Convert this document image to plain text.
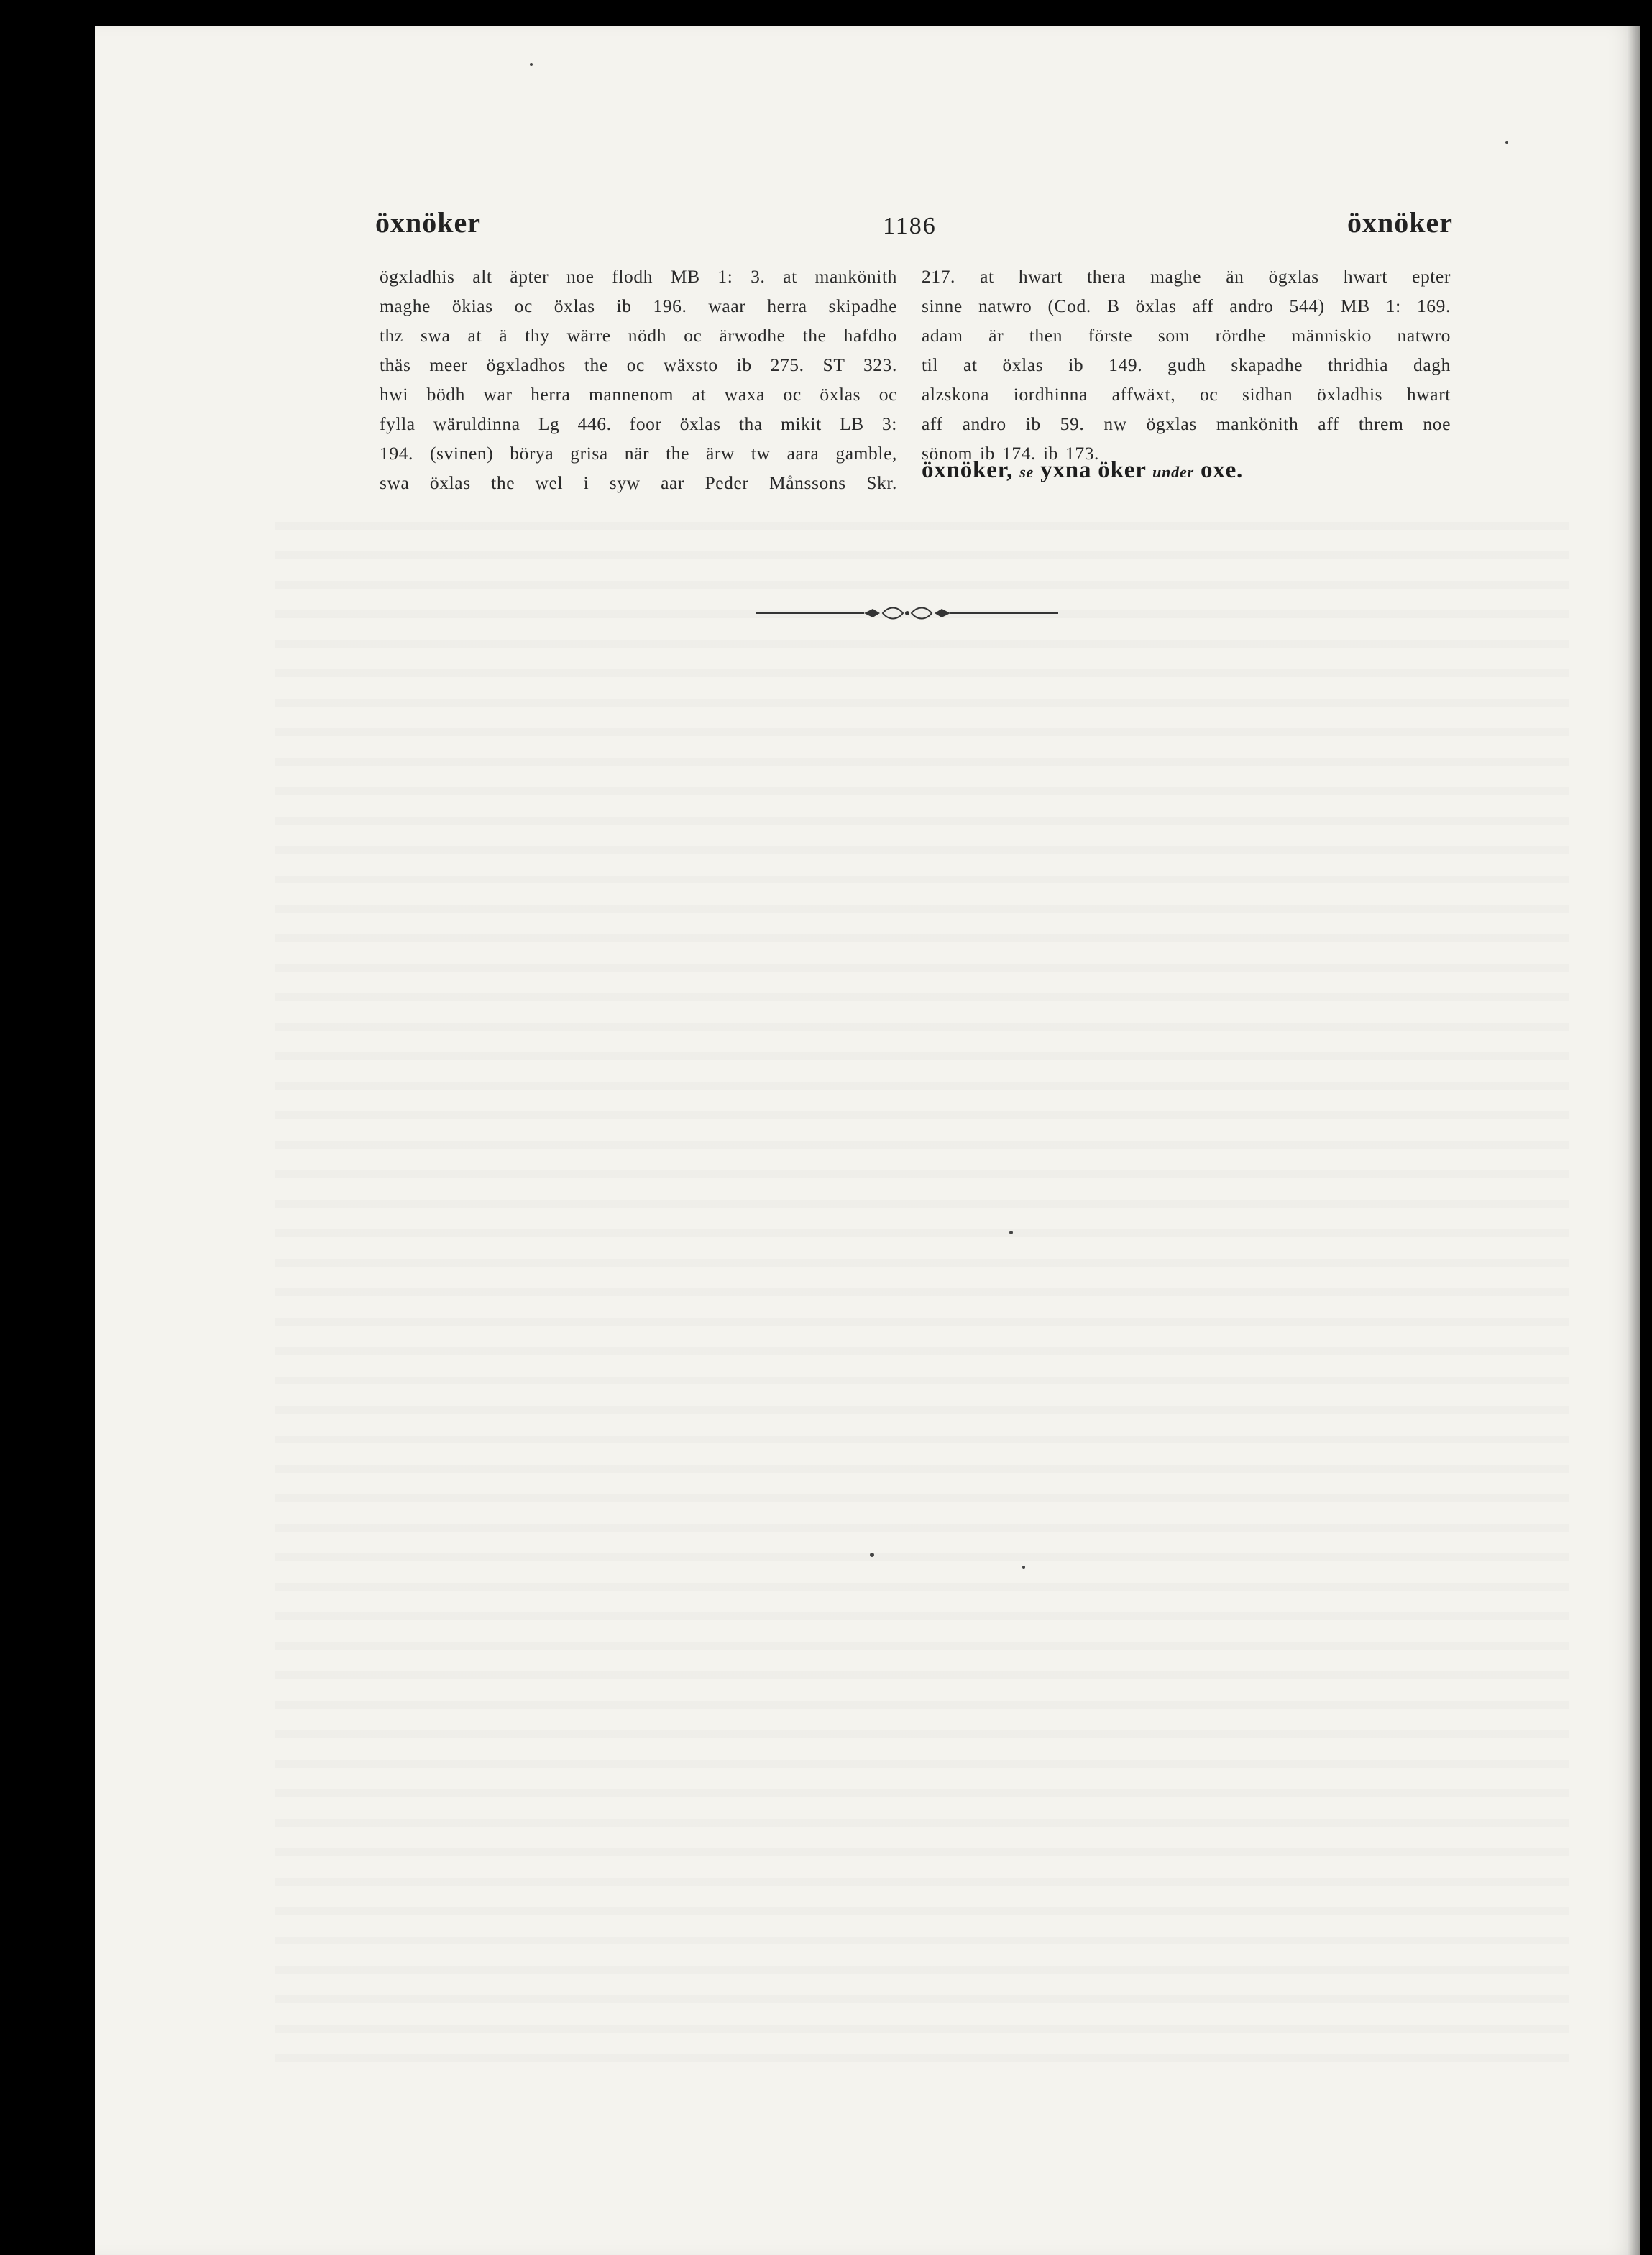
öxnöker	1186	öxnöker
ögxladhis alt äpter noe flodh MB 1: 3. at mankönith
maghe ökias oc öxlas ib 196. waar herra skipadhe
thz swa at ä thy wärre nödh oc ärwodhe the hafdho
thäs meer ögxladhos the oc wäxsto ib 275. ST 323.
hwi bödh war herra mannenom at waxa oc öxlas oc
fylla wäruldinna Lg 446. foor öxlas tha mikit LB 3:
194. (svinen) börya grisa när the ärw tw aara gamble,
swa öxlas the wel i syw aar Peder Månssons Skr.
217. at hwart thera maghe än ögxlas hwart epter
sinne natwro (Cod. B öxlas aff andro 544) MB 1: 169.
adam är then förste som rördhe människio natwro
til at öxlas ib 149. gudh skapadhe thridhia dagh
alzskona iordhinna affwäxt, oc sidhan öxladhis hwart
aff andro ib 59. nw ögxlas mankönith aff threm noe
sönom ib 174. ib 173.
öxnöker, se yxna öker under oxe.
